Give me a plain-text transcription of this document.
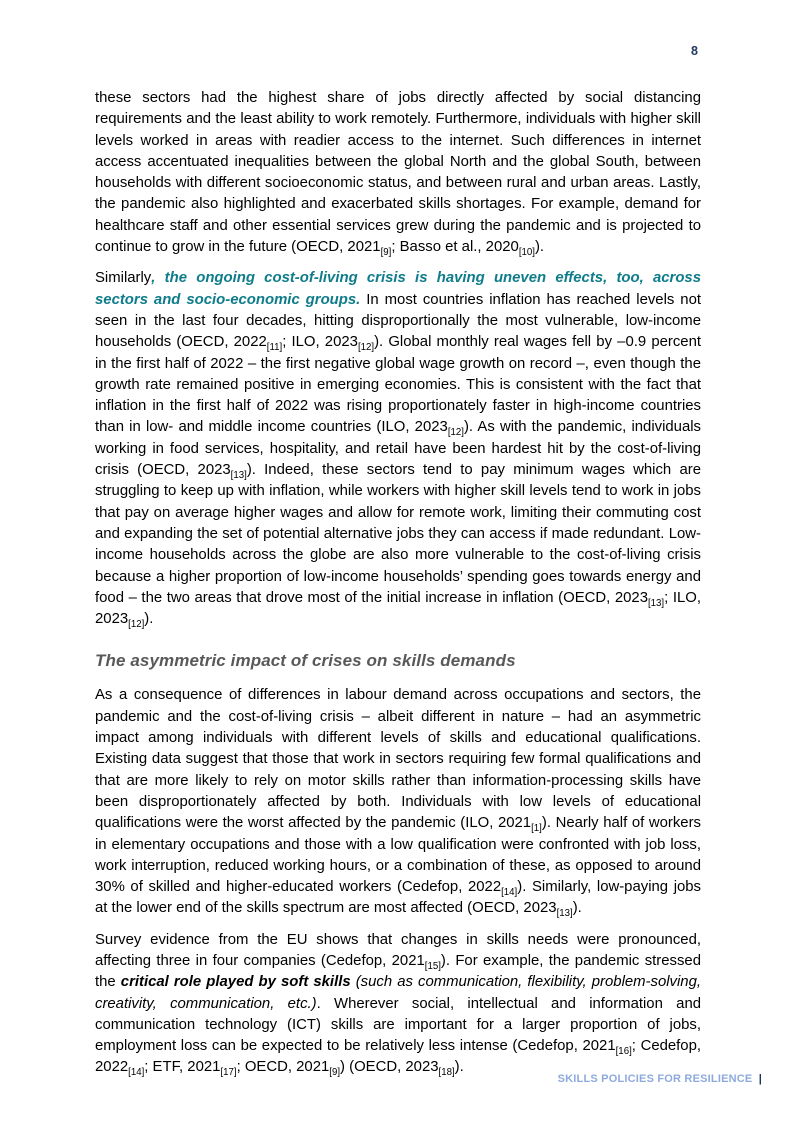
8

these sectors had the highest share of jobs directly affected by social distancing requirements and the least ability to work remotely. Furthermore, individuals with higher skill levels worked in areas with readier access to the internet. Such differences in internet access accentuated inequalities between the global North and the global South, between households with different socioeconomic status, and between rural and urban areas. Lastly, the pandemic also highlighted and exacerbated skills shortages. For example, demand for healthcare staff and other essential services grew during the pandemic and is projected to continue to grow in the future (OECD, $2021_{[9]}$; Basso et al., $2020_{[10]}$).

Similarly, the ongoing cost-of-living crisis is having uneven effects, too, across sectors and socio-economic groups. In most countries inflation has reached levels not seen in the last four decades, hitting disproportionally the most vulnerable, low-income households (OECD, $2022_{[11]}$; ILO, $2023_{[12]}$). Global monthly real wages fell by –0.9 percent in the first half of 2022 – the first negative global wage growth on record –, even though the growth rate remained positive in emerging economies. This is consistent with the fact that inflation in the first half of 2022 was rising proportionately faster in high-income countries than in low- and middle income countries (ILO, $2023_{[12]}$). As with the pandemic, individuals working in food services, hospitality, and retail have been hardest hit by the cost-of-living crisis (OECD, $2023_{[13]}$). Indeed, these sectors tend to pay minimum wages which are struggling to keep up with inflation, while workers with higher skill levels tend to work in jobs that pay on average higher wages and allow for remote work, limiting their commuting cost and expanding the set of potential alternative jobs they can access if made redundant. Low-income households across the globe are also more vulnerable to the cost-of-living crisis because a higher proportion of low-income households’ spending goes towards energy and food – the two areas that drove most of the initial increase in inflation (OECD, $2023_{[13]}$; ILO, $2023_{[12]}$).

The asymmetric impact of crises on skills demands

As a consequence of differences in labour demand across occupations and sectors, the pandemic and the cost-of-living crisis – albeit different in nature – had an asymmetric impact among individuals with different levels of skills and educational qualifications. Existing data suggest that those that work in sectors requiring few formal qualifications and that are more likely to rely on motor skills rather than information-processing skills have been disproportionately affected by both. Individuals with low levels of educational qualifications were the worst affected by the pandemic (ILO, $2021_{[1]}$). Nearly half of workers in elementary occupations and those with a low qualification were confronted with job loss, work interruption, reduced working hours, or a combination of these, as opposed to around 30% of skilled and higher-educated workers (Cedefop, $2022_{[14]}$). Similarly, low-paying jobs at the lower end of the skills spectrum are most affected (OECD, $2023_{[13]}$).

Survey evidence from the EU shows that changes in skills needs were pronounced, affecting three in four companies (Cedefop, $2021_{[15]}$). For example, the pandemic stressed the critical role played by soft skills (such as communication, flexibility, problem-solving, creativity, communication, etc.). Wherever social, intellectual and information and communication technology (ICT) skills are important for a larger proportion of jobs, employment loss can be expected to be relatively less intense (Cedefop, $2021_{[16]}$; Cedefop, $2022_{[14]}$; ETF, $2021_{[17]}$; OECD, $2021_{[9]}$) (OECD, $2023_{[18]}$).

SKILLS POLICIES FOR RESILIENCE |
